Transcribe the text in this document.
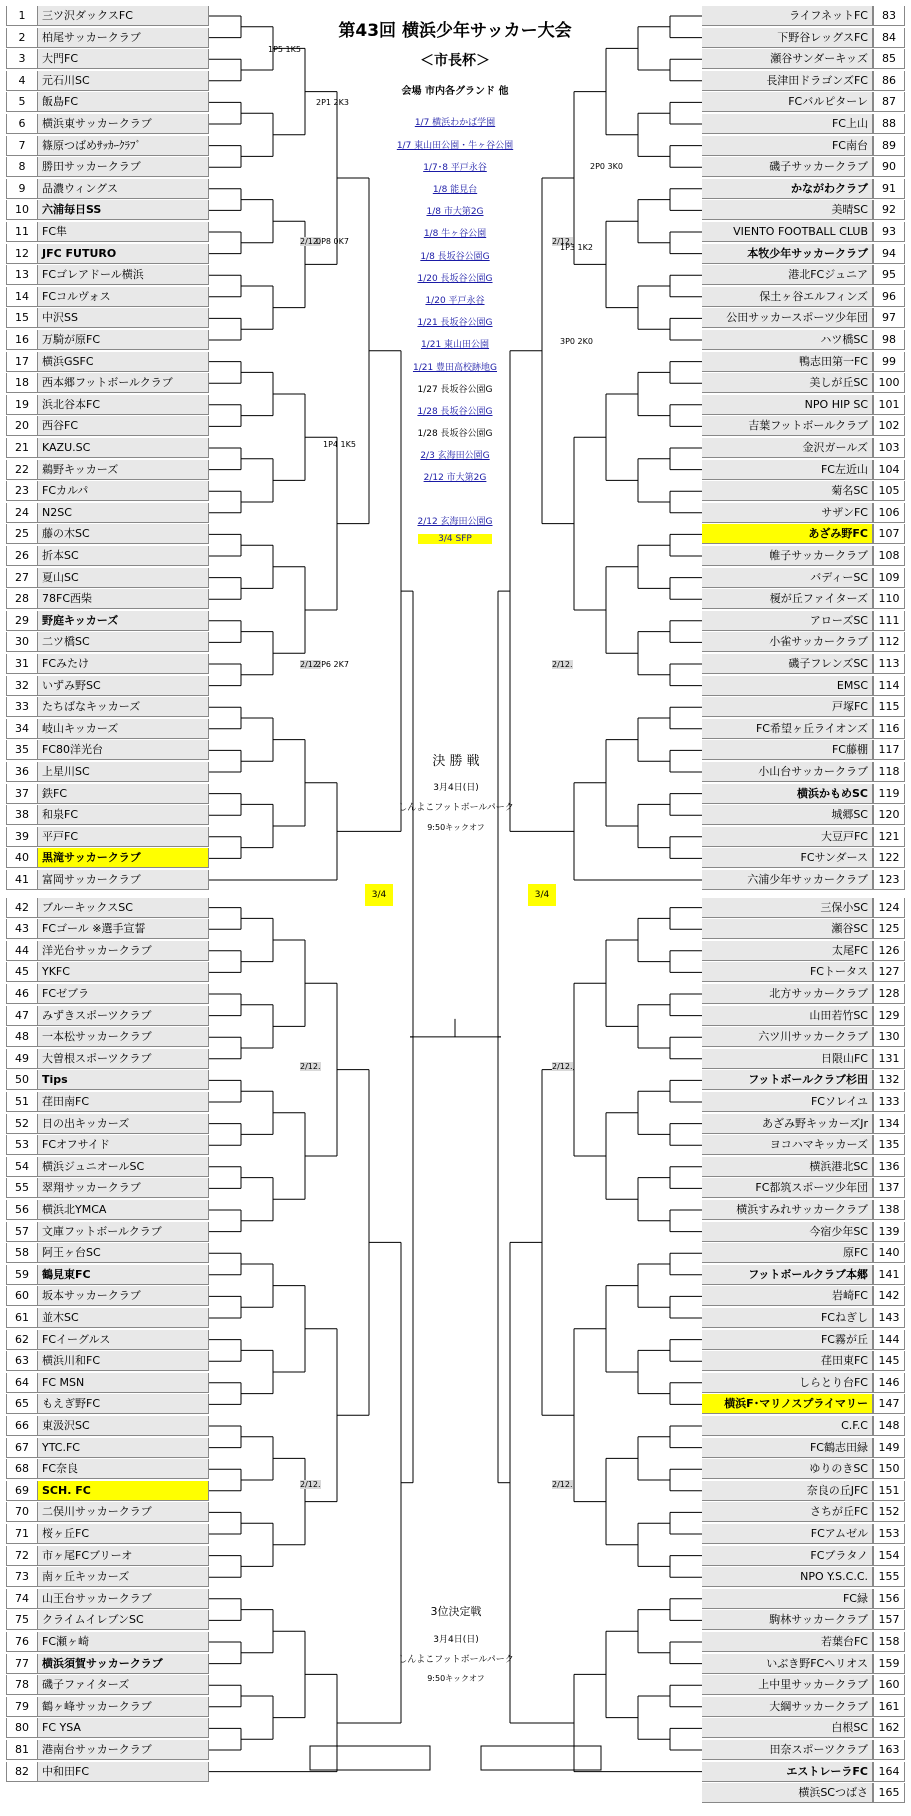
第43回 横浜少年サッカー大会
＜市長杯＞
会場 市内各グランド 他
1/7 横浜わかば学園
1/7 東山田公園・牛ヶ谷公園
1/7･8 平戸永谷
1/8 能見台
1/8 市大第2G
1/8 牛ヶ谷公園
1/8 長坂谷公園G
1/20 長坂谷公園G
1/20 平戸永谷
1/21 長坂谷公園G
1/21 東山田公園
1/21 豊田高校跡地G
1/27 長坂谷公園G
1/28 長坂谷公園G
1/28 長坂谷公園G
2/3 玄海田公園G
2/12 市大第2G
2/12 玄海田公園G
3/4 SFP
決 勝 戦
3月4日(日)
しんよこフットボールパーク
9:50キックオフ
3位決定戦
3月4日(日)
しんよこフットボールパーク
9:50キックオフ
3/4	3/4
1	三ツ沢ダックスFC
2	柏尾サッカークラブ
3	大門FC
4	元石川SC
5	飯島FC
6	横浜東サッカークラブ
7	篠原つばめｻｯｶｰｸﾗﾌﾞ
8	勝田サッカークラブ
9	品濃ウィングス
10	六浦毎日SS
11	FC隼
12	JFC FUTURO
13	FCゴレアドール横浜
14	FCコルヴォス
15	中沢SS
16	万騎が原FC
17	横浜GSFC
18	西本郷フットボールクラブ
19	浜北谷本FC
20	西谷FC
21	KAZU.SC
22	鵜野キッカーズ
23	FCカルパ
24	N2SC
25	藤の木SC
26	折本SC
27	夏山SC
28	78FC西柴
29	野庭キッカーズ
30	二ツ橋SC
31	FCみたけ
32	いずみ野SC
33	たちばなキッカーズ
34	岐山キッカーズ
35	FC80洋光台
36	上星川SC
37	鉄FC
38	和泉FC
39	平戸FC
40	黒滝サッカークラブ
41	富岡サッカークラブ
42	ブルーキックスSC
43	FCゴール ※選手宣誓
44	洋光台サッカークラブ
45	YKFC
46	FCゼブラ
47	みずきスポーツクラブ
48	一本松サッカークラブ
49	大曽根スポーツクラブ
50	Tips
51	荏田南FC
52	日の出キッカーズ
53	FCオフサイド
54	横浜ジュニオールSC
55	翠翔サッカークラブ
56	横浜北YMCA
57	文庫フットボールクラブ
58	阿王ヶ台SC
59	鶴見東FC
60	坂本サッカークラブ
61	並木SC
62	FCイーグルス
63	横浜川和FC
64	FC MSN
65	もえぎ野FC
66	東汲沢SC
67	YTC.FC
68	FC奈良
69	SCH. FC
70	二俣川サッカークラブ
71	桜ヶ丘FC
72	市ヶ尾FCブリーオ
73	南ヶ丘キッカーズ
74	山王台サッカークラブ
75	クライムイレブンSC
76	FC瀬ヶ崎
77	横浜須賀サッカークラブ
78	磯子ファイターズ
79	鶴ヶ峰サッカークラブ
80	FC YSA
81	港南台サッカークラブ
82	中和田FC
ライフネットFC	83
下野谷レッグスFC	84
瀬谷サンダーキッズ	85
長津田ドラゴンズFC	86
FCバルピターレ	87
FC上山	88
FC南台	89
磯子サッカークラブ	90
かながわクラブ	91
美晴SC	92
VIENTO FOOTBALL CLUB	93
本牧少年サッカークラブ	94
港北FCジュニア	95
保土ヶ谷エルフィンズ	96
公田サッカースポーツ少年団	97
ハツ橋SC	98
鴨志田第一FC	99
美しが丘SC 100
NPO HIP SC 101
吉葉フットボールクラブ 102
金沢ガールズ 103
FC左近山 104
菊名SC 105
サザンFC 106
あざみ野FC 107
帷子サッカークラブ 108
バディーSC 109
榎が丘ファイターズ 110
アローズSC 111
小雀サッカークラブ 112
磯子フレンズSC 113
EMSC 114
戸塚FC 115
FC希望ヶ丘ライオンズ 116
FC藤棚 117
小山台サッカークラブ 118
横浜かもめSC 119
城郷SC 120
大豆戸FC 121
FCサンダース 122
六浦少年サッカークラブ 123
三保小SC 124
瀬谷SC 125
太尾FC 126
FCトータス 127
北方サッカークラブ 128
山田若竹SC 129
六ツ川サッカークラブ 130
日限山FC 131
フットボールクラブ杉田 132
FCソレイユ 133
あざみ野キッカーズJr 134
ヨコハマキッカーズ 135
横浜港北SC 136
FC都筑スポーツ少年団 137
横浜すみれサッカークラブ 138
今宿少年SC 139
原FC 140
フットボールクラブ本郷 141
岩崎FC 142
FCねぎし 143
FC霧が丘 144
荏田東FC 145
しらとり台FC 146
横浜F･マリノスプライマリー 147
C.F.C 148
FC鶴志田緑 149
ゆりのきSC 150
奈良の丘JFC 151
さちが丘FC 152
FCアムゼル 153
FCブラタノ 154
NPO Y.S.C.C. 155
FC緑 156
駒林サッカークラブ 157
若葉台FC 158
いぶき野FCヘリオス 159
上中里サッカークラブ 160
大綱サッカークラブ 161
白根SC 162
田奈スポーツクラブ 163
エストレーラFC 164
横浜SCつばさ 165
2/12.
2/12.
2/12.
2/12.
2/12.
2/12.
2/12.
2/12.
2P1 2K3
1P3 1K2
0P8 0K7
1P4 1K5
2P6 2K7
1P5 1K5
2P0 3K0
3P0 2K0
